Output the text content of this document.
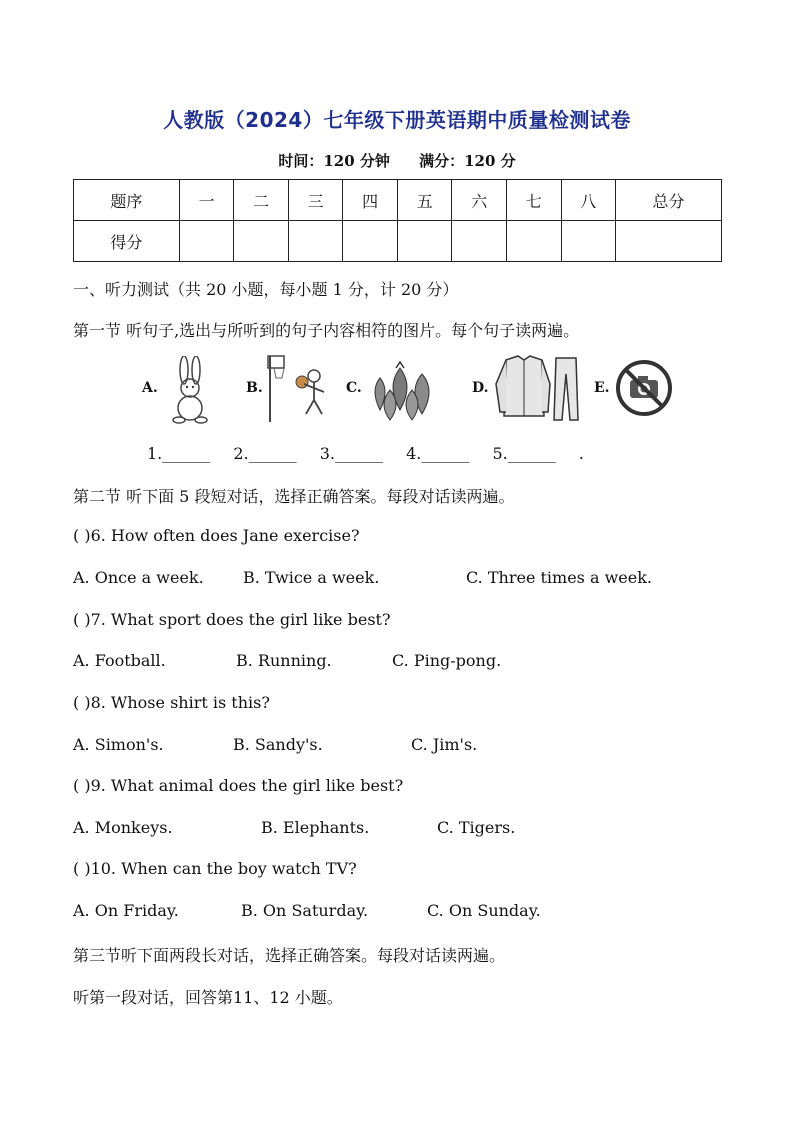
人教版（2024）七年级下册英语期中质量检测试卷
时间：120 分钟 满分：120 分
题序	一	二	三	四	五	六	七	八	总分
得分									
一、听力测试（共 20 小题，每小题 1 分，计 20 分）
第一节 听句子,选出与所听到的句子内容相符的图片。每个句子读两遍。
A.	B.	C.	D.	E.
1.______ 2.______ 3.______ 4.______ 5.______ .
第二节 听下面 5 段短对话，选择正确答案。每段对话读两遍。
( )6. How often does Jane exercise?
A. Once a week. B. Twice a week.	C. Three times a week.
( )7. What sport does the girl like best?
A. Football.	B. Running.	C. Ping-pong.
( )8. Whose shirt is this?
A. Simon's.	B. Sandy's.	C. Jim's.
( )9. What animal does the girl like best?
A. Monkeys.	B. Elephants.	C. Tigers.
( )10. When can the boy watch TV?
A. On Friday.	B. On Saturday.	C. On Sunday.
第三节听下面两段长对话，选择正确答案。每段对话读两遍。
听第一段对话，回答第11、12 小题。
